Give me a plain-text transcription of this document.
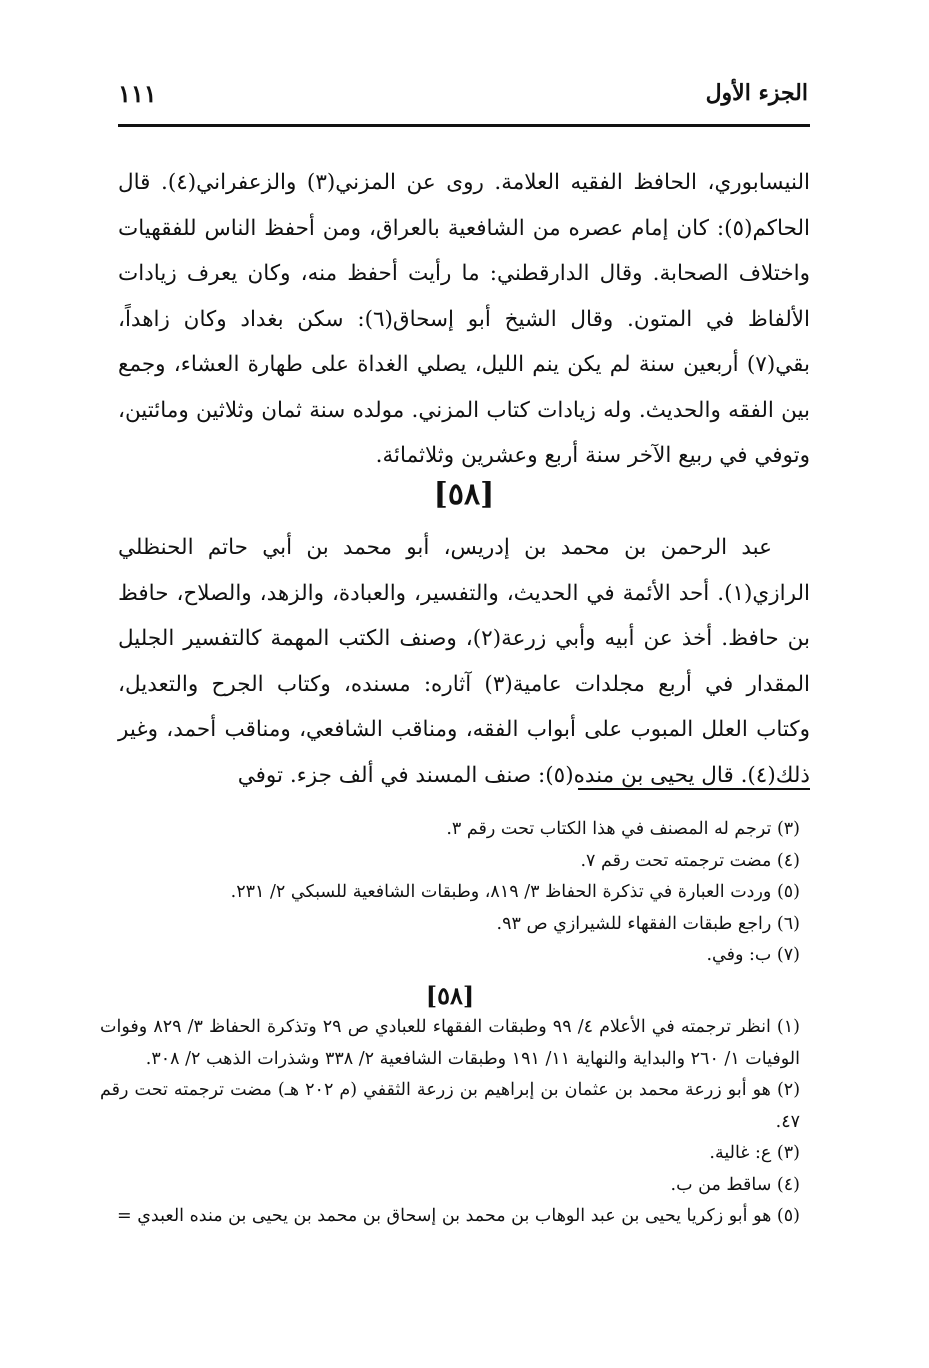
الجزء الأول
١١١

النيسابوري، الحافظ الفقيه العلامة. روى عن المزني(٣) والزعفراني(٤). قال الحاكم(٥): كان إمام عصره من الشافعية بالعراق، ومن أحفظ الناس للفقهيات واختلاف الصحابة. وقال الدارقطني: ما رأيت أحفظ منه، وكان يعرف زيادات الألفاظ في المتون. وقال الشيخ أبو إسحاق(٦): سكن بغداد وكان زاهداً، بقي(٧) أربعين سنة لم يكن ينم الليل، يصلي الغداة على طهارة العشاء، وجمع بين الفقه والحديث. وله زيادات كتاب المزني. مولده سنة ثمان وثلاثين ومائتين، وتوفي في ربيع الآخر سنة أربع وعشرين وثلاثمائة.

[٥٨]

عبد الرحمن بن محمد بن إدريس، أبو محمد بن أبي حاتم الحنظلي الرازي(١). أحد الأئمة في الحديث، والتفسير، والعبادة، والزهد، والصلاح، حافظ بن حافظ. أخذ عن أبيه وأبي زرعة(٢)، وصنف الكتب المهمة كالتفسير الجليل المقدار في أربع مجلدات عامية(٣) آثاره: مسنده، وكتاب الجرح والتعديل، وكتاب العلل المبوب على أبواب الفقه، ومناقب الشافعي، ومناقب أحمد، وغير ذلك(٤). قال يحيى بن منده(٥): صنف المسند في ألف جزء. توفي

(٣) ترجم له المصنف في هذا الكتاب تحت رقم ٣.

(٤) مضت ترجمته تحت رقم ٧.

(٥) وردت العبارة في تذكرة الحفاظ ٣/ ٨١٩، وطبقات الشافعية للسبكي ٢/ ٢٣١.

(٦) راجع طبقات الفقهاء للشيرازي ص ٩٣.

(٧) ب: وفي.

[٥٨]

(١) انظر ترجمته في الأعلام ٤/ ٩٩ وطبقات الفقهاء للعبادي ص ٢٩ وتذكرة الحفاظ ٣/ ٨٢٩ وفوات الوفيات ١/ ٢٦٠ والبداية والنهاية ١١/ ١٩١ وطبقات الشافعية ٢/ ٣٣٨ وشذرات الذهب ٢/ ٣٠٨.

(٢) هو أبو زرعة محمد بن عثمان بن إبراهيم بن زرعة الثقفي (م ٢٠٢ هـ) مضت ترجمته تحت رقم ٤٧.

(٣) ع: غالية.

(٤) ساقط من ب.

(٥) هو أبو زكريا يحيى بن عبد الوهاب بن محمد بن إسحاق بن محمد بن يحيى بن منده العبدي =
